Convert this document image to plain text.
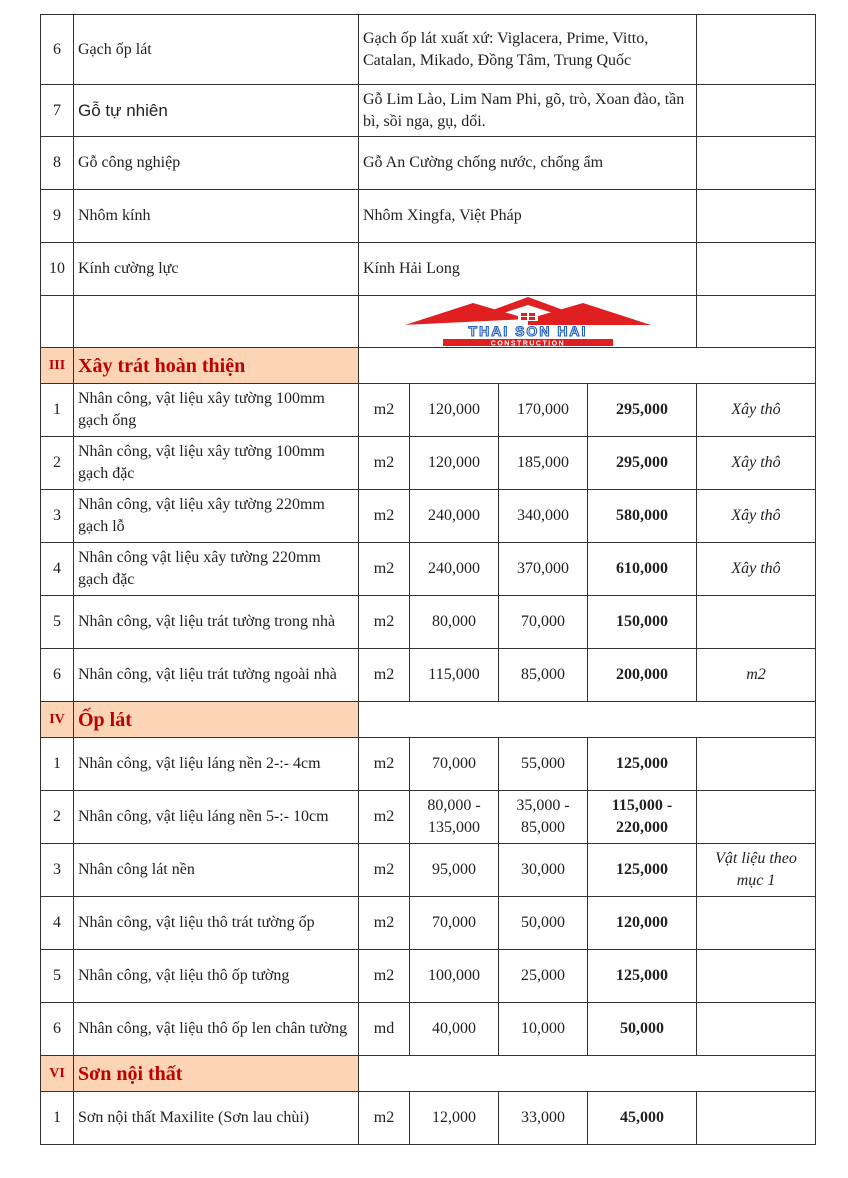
6	Gạch ốp lát	Gạch ốp lát xuất xứ: Viglacera, Prime, Vitto, Catalan, Mikado, Đồng Tâm, Trung Quốc				
7	Gỗ tự nhiên	Gỗ Lim Lào, Lim Nam Phi, gõ, trò, Xoan đào, tần bì, sồi nga, gụ, dổi.				
8	Gỗ công nghiệp	Gỗ An Cường chống nước, chống ẩm				
9	Nhôm kính	Nhôm Xingfa, Việt Pháp				
10	Kính cường lực	Kính Hải Long				

THAI SON HAI
CONSTRUCTION				

III	Xây trát hoàn thiện					
1	Nhân công, vật liệu xây tường 100mm gạch ống	m2	120,000	170,000	295,000	Xây thô
2	Nhân công, vật liệu xây tường 100mm gạch đặc	m2	120,000	185,000	295,000	Xây thô
3	Nhân công, vật liệu xây tường 220mm gạch lỗ	m2	240,000	340,000	580,000	Xây thô
4	Nhân công vật liệu xây tường 220mm gạch đặc	m2	240,000	370,000	610,000	Xây thô
5	Nhân công, vật liệu trát tường trong nhà	m2	80,000	70,000	150,000	
6	Nhân công, vật liệu trát tường ngoài nhà	m2	115,000	85,000	200,000	m2
IV	Ốp lát					
1	Nhân công, vật liệu láng nền 2-:- 4cm	m2	70,000	55,000	125,000	
2	Nhân công, vật liệu láng nền 5-:- 10cm	m2	80,000 - 135,000	35,000 - 85,000	115,000 - 220,000	
3	Nhân công lát nền	m2	95,000	30,000	125,000	Vật liệu theo mục 1
4	Nhân công, vật liệu thô trát tường ốp	m2	70,000	50,000	120,000	
5	Nhân công, vật liệu thô ốp tường	m2	100,000	25,000	125,000	
6	Nhân công, vật liệu thô ốp len chân tường	md	40,000	10,000	50,000	
VI	Sơn nội thất					
1	Sơn nội thất Maxilite (Sơn lau chùi)	m2	12,000	33,000	45,000	
